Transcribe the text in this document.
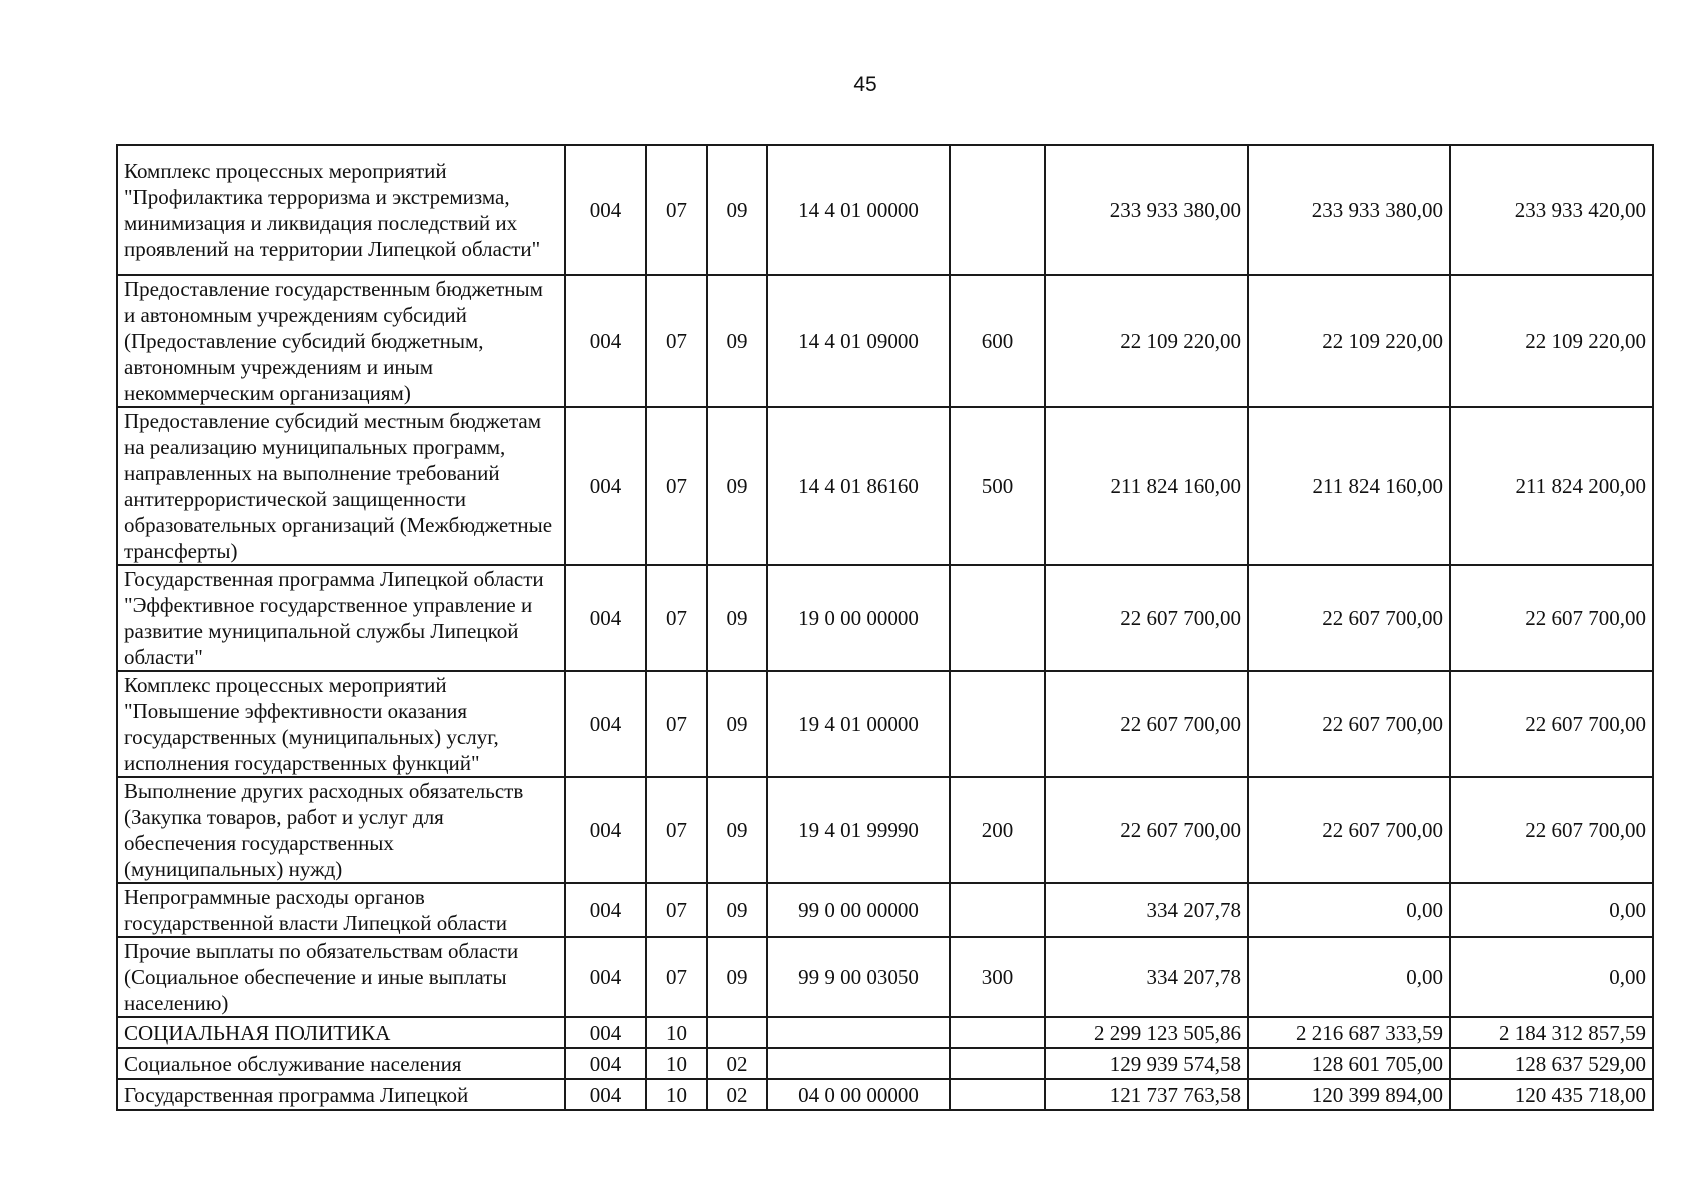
45
Комплекс процессных мероприятий "Профилактика терроризма и экстремизма, минимизация и ликвидация последствий их проявлений на территории Липецкой области"	004	07	09	14 4 01 00000		233 933 380,00	233 933 380,00	233 933 420,00
Предоставление государственным бюджетным и автономным учреждениям субсидий (Предоставление субсидий бюджетным, автономным учреждениям и иным некоммерческим организациям)	004	07	09	14 4 01 09000	600	22 109 220,00	22 109 220,00	22 109 220,00
Предоставление субсидий местным бюджетам на реализацию муниципальных программ, направленных на выполнение требований антитеррористической защищенности образовательных организаций (Межбюджетные трансферты)	004	07	09	14 4 01 86160	500	211 824 160,00	211 824 160,00	211 824 200,00
Государственная программа Липецкой области "Эффективное государственное управление и развитие муниципальной службы Липецкой области"	004	07	09	19 0 00 00000		22 607 700,00	22 607 700,00	22 607 700,00
Комплекс процессных мероприятий "Повышение эффективности оказания государственных (муниципальных) услуг, исполнения государственных функций"	004	07	09	19 4 01 00000		22 607 700,00	22 607 700,00	22 607 700,00
Выполнение других расходных обязательств (Закупка товаров, работ и услуг для обеспечения государственных (муниципальных) нужд)	004	07	09	19 4 01 99990	200	22 607 700,00	22 607 700,00	22 607 700,00
Непрограммные расходы органов государственной власти Липецкой области	004	07	09	99 0 00 00000		334 207,78	0,00	0,00
Прочие выплаты по обязательствам области (Социальное обеспечение и иные выплаты населению)	004	07	09	99 9 00 03050	300	334 207,78	0,00	0,00
СОЦИАЛЬНАЯ ПОЛИТИКА	004	10				2 299 123 505,86	2 216 687 333,59	2 184 312 857,59
Социальное обслуживание населения	004	10	02			129 939 574,58	128 601 705,00	128 637 529,00
Государственная программа Липецкой	004	10	02	04 0 00 00000		121 737 763,58	120 399 894,00	120 435 718,00
